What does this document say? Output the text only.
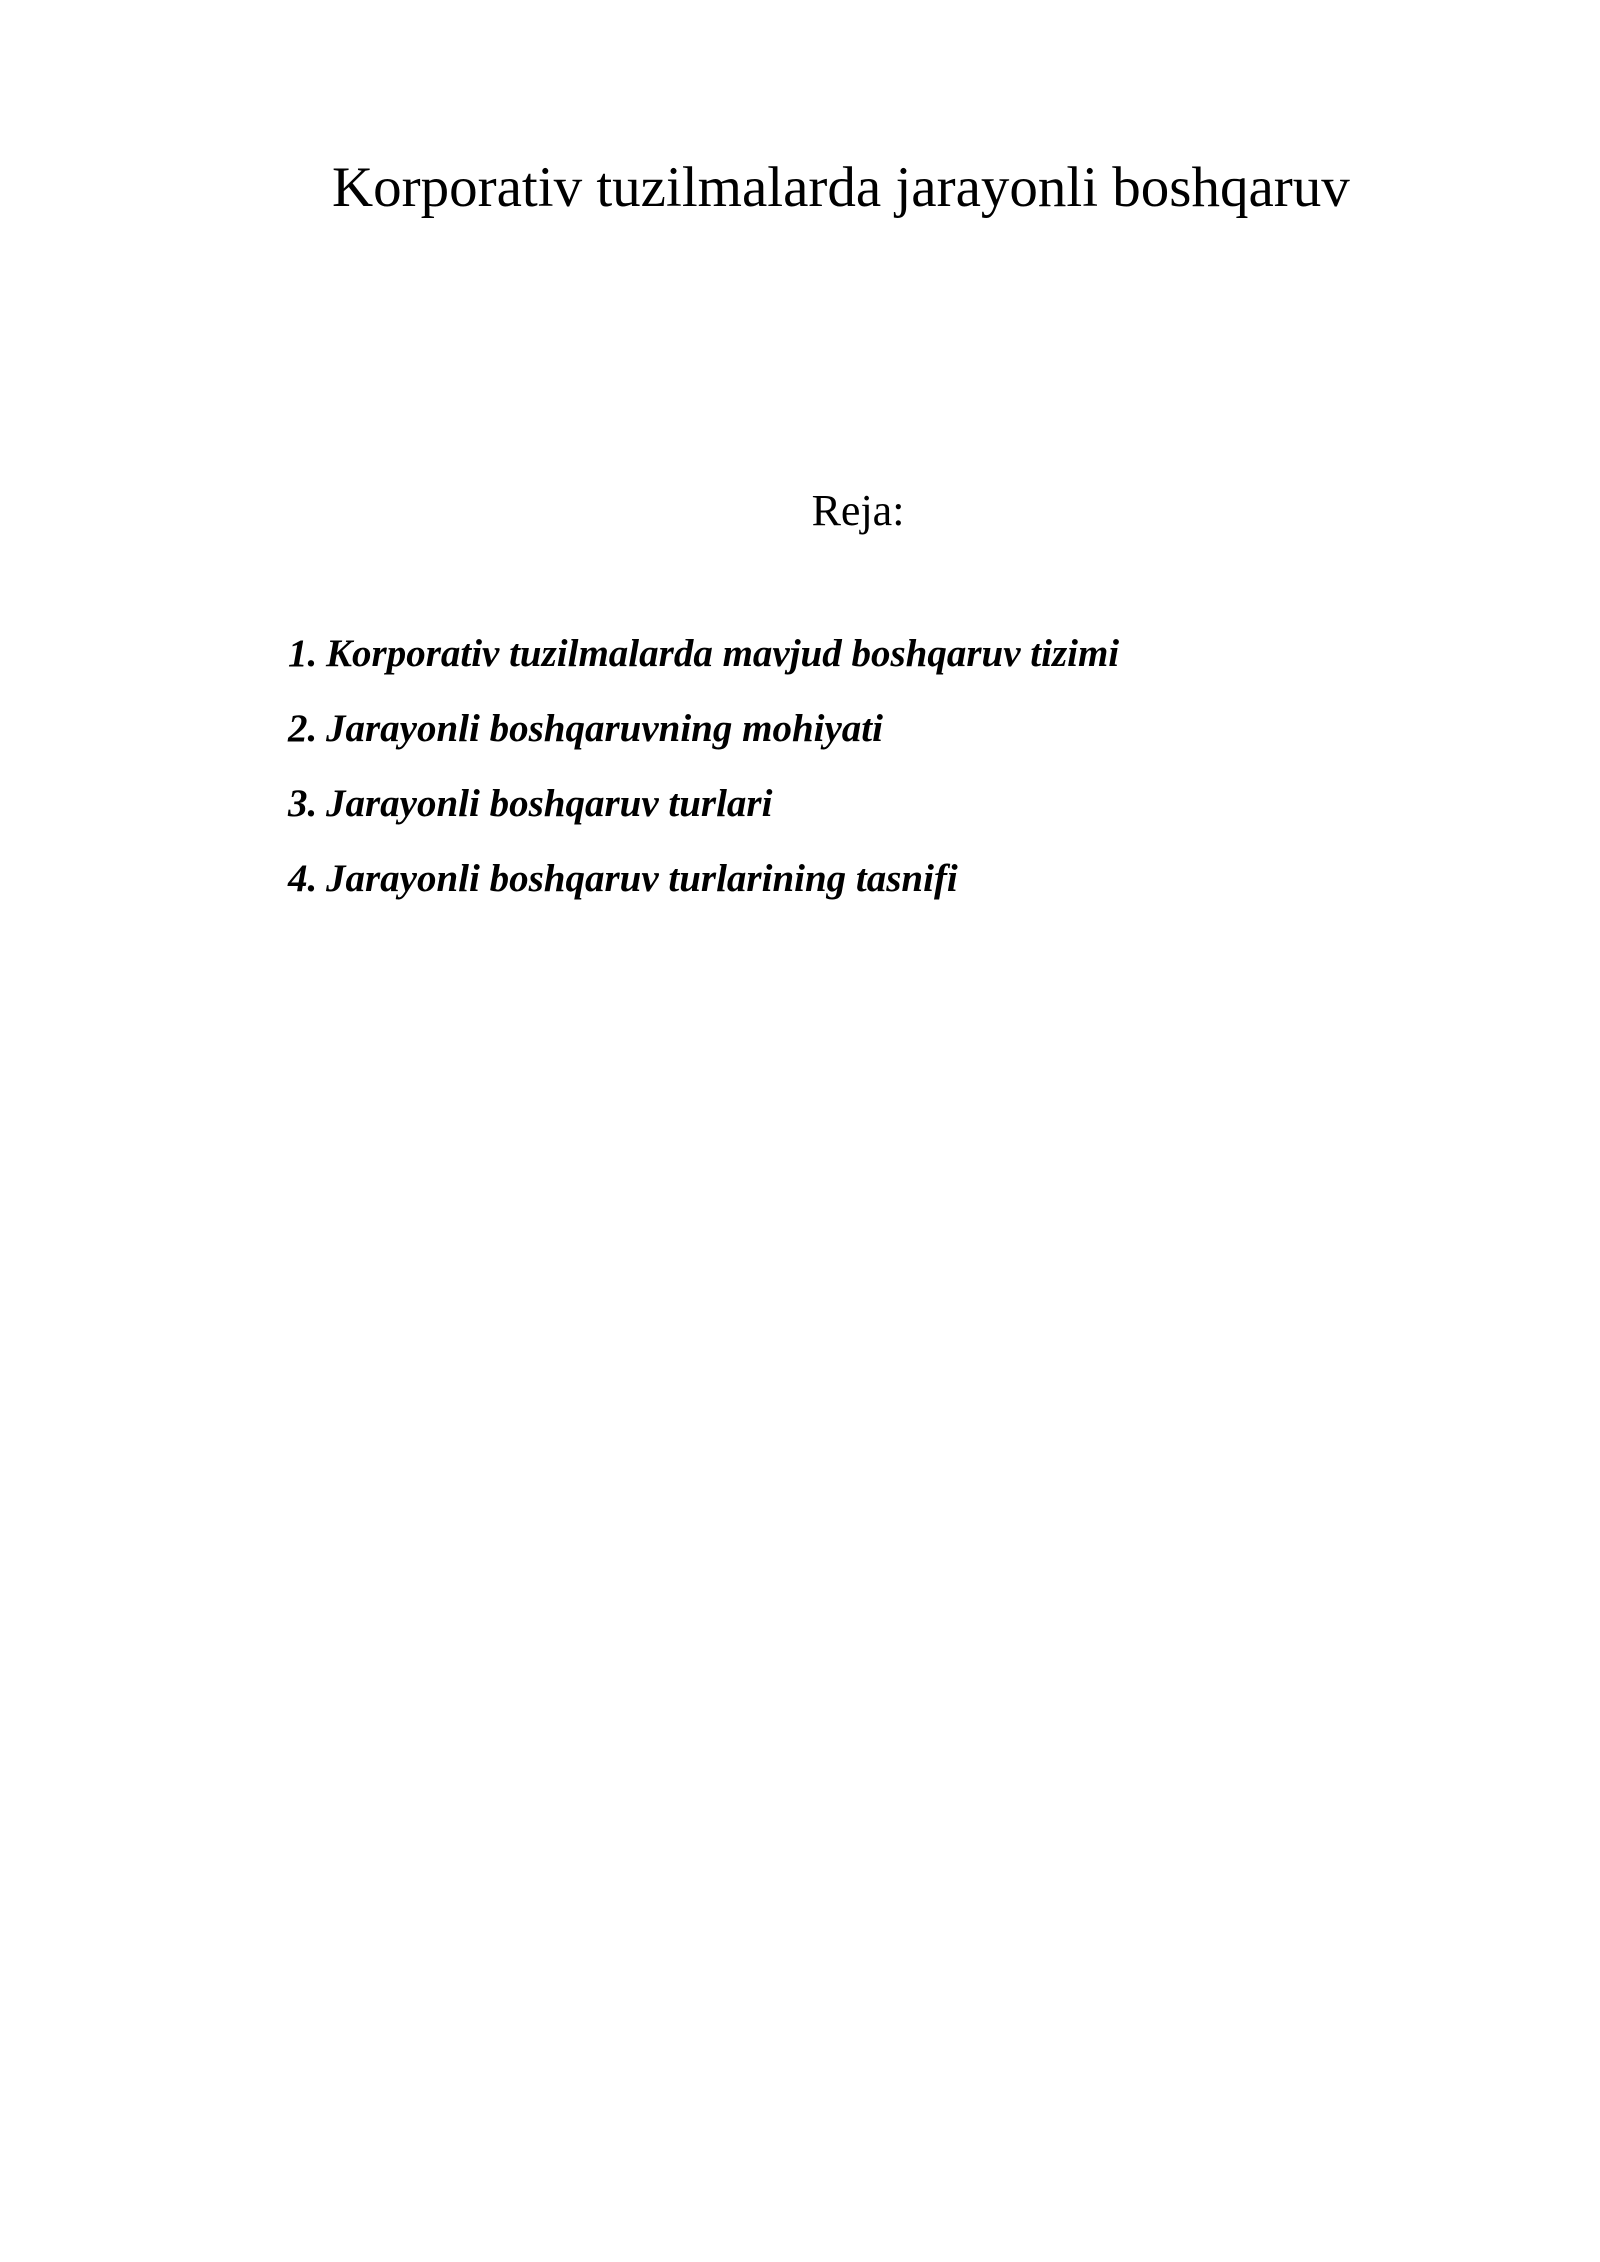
Korporativ tuzilmalarda jarayonli boshqaruv
Reja:
1. Korporativ tuzilmalarda mavjud boshqaruv tizimi
2. Jarayonli boshqaruvning mohiyati
3. Jarayonli boshqaruv turlari
4. Jarayonli boshqaruv turlarining tasnifi
